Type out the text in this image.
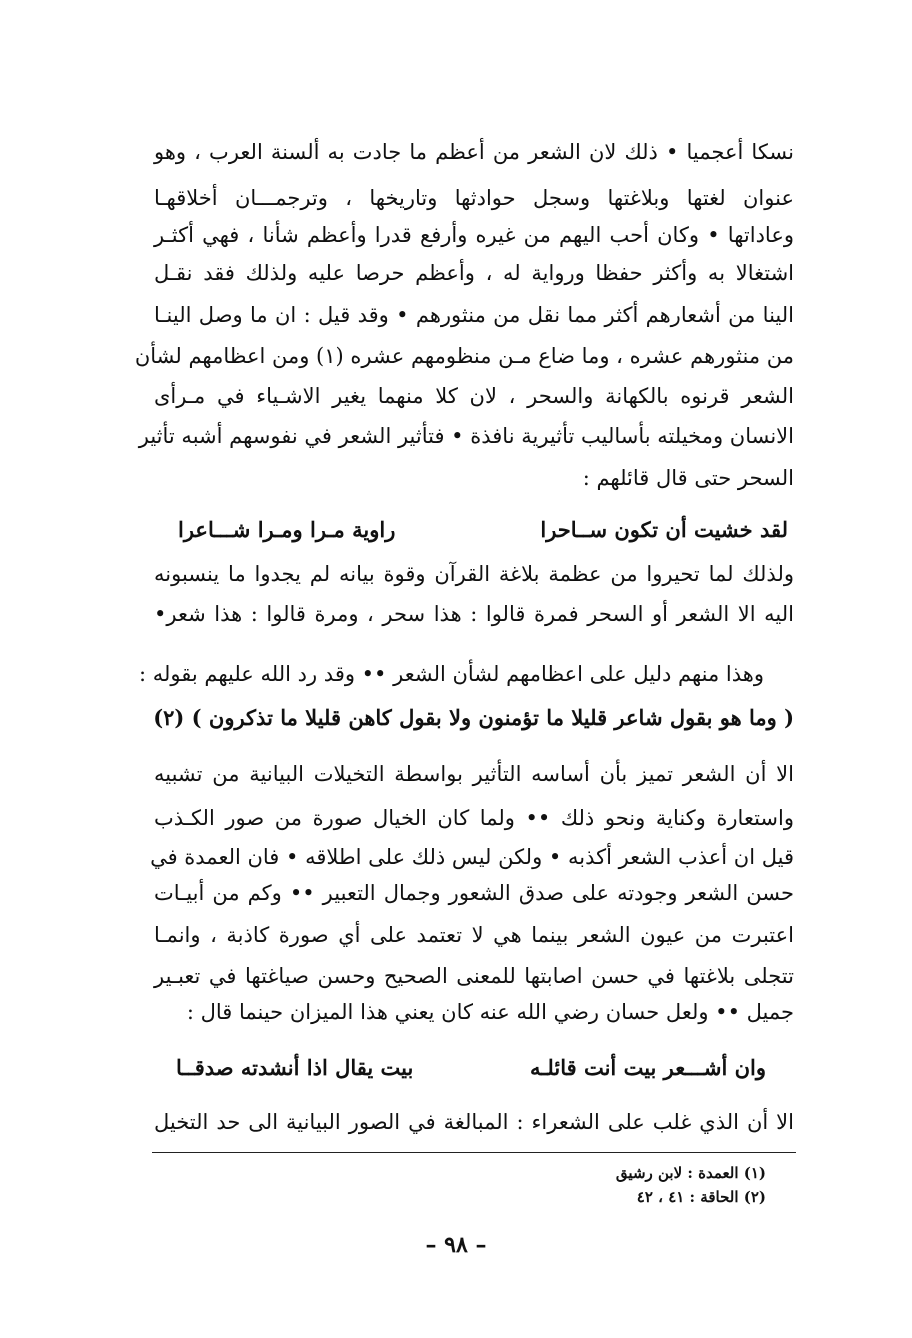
نسكا أعجميا • ذلك لان الشعر من أعظم ما جادت به ألسنة العرب ، وهو
عنوان لغتها وبلاغتها وسجل حوادثها وتاريخها ، وترجمـــان أخلاقهـا
وعاداتها • وكان أحب اليهم من غيره وأرفع قدرا وأعظم شأنا ، فهي أكثـر
اشتغالا به وأكثر حفظا ورواية له ، وأعظم حرصا عليه ولذلك فقد نقـل
الينا من أشعارهم أكثر مما نقل من منثورهم • وقد قيل : ان ما وصل الينـا
من منثورهم عشره ، وما ضاع مـن منظومهم عشره (١) ومن اعظامهم لشأن
الشعر قرنوه بالكهانة والسحر ، لان كلا منهما يغير الاشـياء في مـرأى
الانسان ومخيلته بأساليب تأثيرية نافذة • فتأثير الشعر في نفوسهم أشبه تأثير
السحر حتى قال قائلهم :
لقد خشيت أن تكون ســاحرا
راوية مـرا ومـرا شـــاعرا
ولذلك لما تحيروا من عظمة بلاغة القرآن وقوة بيانه لم يجدوا ما ينسبونه
اليه الا الشعر أو السحر فمرة قالوا : هذا سحر ، ومرة قالوا : هذا شعر•
وهذا منهم دليل على اعظامهم لشأن الشعر •• وقد رد الله عليهم بقوله :
( وما هو بقول شاعر قليلا ما تؤمنون ولا بقول كاهن قليلا ما تذكرون ) (٢)
الا أن الشعر تميز بأن أساسه التأثير بواسطة التخيلات البيانية من تشبيه
واستعارة وكناية ونحو ذلك •• ولما كان الخيال صورة من صور الكـذب
قيل ان أعذب الشعر أكذبه • ولكن ليس ذلك على اطلاقه • فان العمدة في
حسن الشعر وجودته على صدق الشعور وجمال التعبير •• وكم من أبيـات
اعتبرت من عيون الشعر بينما هي لا تعتمد على أي صورة كاذبة ، وانمـا
تتجلى بلاغتها في حسن اصابتها للمعنى الصحيح وحسن صياغتها في تعبـير
جميل •• ولعل حسان رضي الله عنه كان يعني هذا الميزان حينما قال :
وان أشـــعر بيت أنت قائلـه
بيت يقال اذا أنشدته صدقــا
الا أن الذي غلب على الشعراء : المبالغة في الصور البيانية الى حد التخيل
(١) العمدة : لابن رشيق
(٢) الحاقة : ٤١ ، ٤٢
– ٩٨ –
